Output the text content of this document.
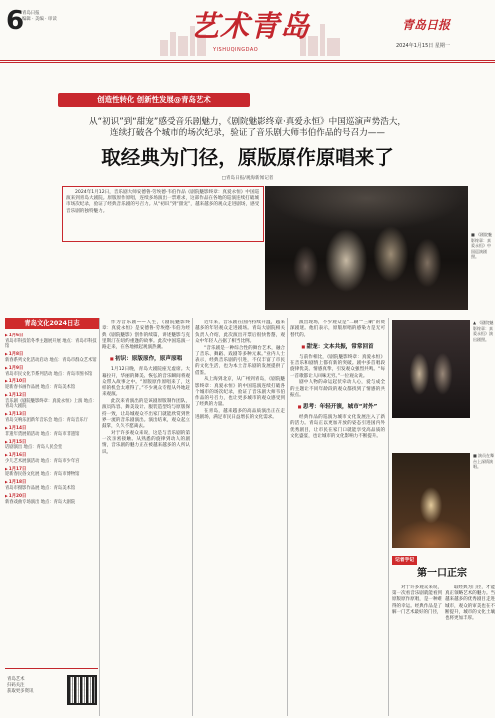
6
青岛日报
编辑 · 美编 · 审读	艺术青岛
YISHUQINGDAO
青岛日报
2024年1月15日 星期一
创造性转化 创新性发展@青岛艺术
从“初识”到“甜宠”感受音乐剧魅力，《剧院魅影终章·真爱永恒》中国巡演声势浩大，
连续打破各个城市的场次纪录，验证了音乐剧大师韦伯作品的号召力——
取经典为门径，原版原作原唱来了
□青岛日报/观海新闻记者
2024年1月12日，音乐剧大师安德鲁·劳埃德·韦伯作品《剧院魅影终章：真爱永恒》中国巡演来到青岛大剧院。原版原作原唱，连续多场演出一票难求，这部作品在各地的巡演连续打破城市场次纪录，验证了经典音乐剧的号召力。从“初识”到“甜宠”，越来越多的观众走进剧场，感受音乐剧的独特魅力。
■ 《剧院魅影终章：真爱永恒》中国巡演剧照。
青岛文化2024日志
▶ 1月6日
青岛市科技馆冬季主题展开展 地点：青岛市科技馆
▶ 1月8日
新春系列文化活动启动 地点：青岛市群众艺术馆
▶ 1月9日
青岛市民文化节系列活动 地点：青岛市图书馆
▶ 1月10日
迎新春书画作品展 地点：青岛美术馆
▶ 1月12日
音乐剧《剧院魅影终章：真爱永恒》上演 地点：青岛大剧院
▶ 1月13日
青岛交响乐团新年音乐会 地点：青岛音乐厅
▶ 1月14日
非遗年货展销活动 地点：青岛市非遗馆
▶ 1月15日
话剧演出 地点：青岛人民会堂
▶ 1月16日
少儿艺术展演活动 地点：青岛市少年宫
▶ 1月17日
迎新春民俗文化展 地点：青岛市博物馆
▶ 1月18日
青岛市摄影作品展 地点：青岛美术馆
▶ 1月20日
新春戏曲专场演出 地点：青岛大剧院
青岛艺术
扫码关注
获取更多资讯

作为音乐剧——人生，《剧院魅影终章：真爱永恒》是安德鲁·劳埃德·韦伯为经典《剧院魅影》创作的续篇，讲述魅影与克里斯汀在纽约重逢的故事。此次中国巡演一路走来，在各地掀起观演热潮。

■ 初识：原版原作，原声原唱

1月12日晚，青岛大剧院座无虚席。大幕拉开，华丽的舞美、恢弘的音乐瞬间将观众带入故事之中。“原版原作原唱来了，这样的机会太难得了。”不少观众专程从外地赶来观演。

此次来青演出的是该剧原版制作团队，演员阵容、舞美设计、服装造型均与原版保持一致，让岛城观众不出家门就能欣赏到世界一流的音乐剧演出。演出结束，观众起立鼓掌，久久不愿离去。

对于许多观众来说，这是与音乐剧的第一次亲密接触。从熟悉的旋律到动人的剧情，音乐剧的魅力正在被越来越多的人所认识。

近年来，音乐剧在国内持续升温，越来越多的年轻观众走进剧场。青岛大剧院相关负责人介绍，此次演出开票后很快售罄，观众中年轻人占据了相当比例。

“音乐剧是一种综合性的舞台艺术，融合了音乐、舞蹈、戏剧等多种元素。”业内人士表示，经典音乐剧的引进，不仅丰富了市民的文化生活，也为本土音乐剧的发展提供了借鉴。

从上海到北京，从广州到青岛，《剧院魅影终章：真爱永恒》的中国巡演连续打破各个城市的场次纪录，验证了音乐剧大师韦伯作品的号召力，也让更多城市的观众感受到了经典的力量。

在青岛，越来越多的高品质演出正在走进剧场，满足市民日益增长的文化需求。

演出现场，不少观众是“二刷”“三刷”的资深剧迷。他们表示，原版原唱的感染力是无可替代的。

■ 甜宠：文本共振，常常回首

与前作相比，《剧院魅影终章：真爱永恒》在音乐和剧情上都有新的突破。剧中多首唱段旋律优美、情感真挚，引发观众强烈共鸣。“每一首歌都让人回味无穷。”一位观众说。

剧中人物的命运起伏牵动人心，爱与成全的主题让不同年龄段的观众都找到了情感的共振点。

■ 思考：年轻开演，城市“对外”

经典作品的巡演为城市文化发展注入了新的活力。青岛正以更加开放的姿态引进国内外优秀剧目，让市民在家门口就能享受高品质的文化盛宴，也让城市的文化影响力不断提升。

▲ 《剧院魅影终章：真爱永恒》演出剧照。
■ 演员在舞台上深情演唱。
记者手记
第一口正宗

对于许多观众来说，第一次看音乐剧就能看到原版原作原唱，是一种难得的幸运。经典作品是了解一门艺术最好的门径，

取经典为门径，才能真正领略艺术的魅力。当越来越多的优秀剧目走进城市，观众的审美也在不断提升，城市的文化土壤也将更加丰厚。
